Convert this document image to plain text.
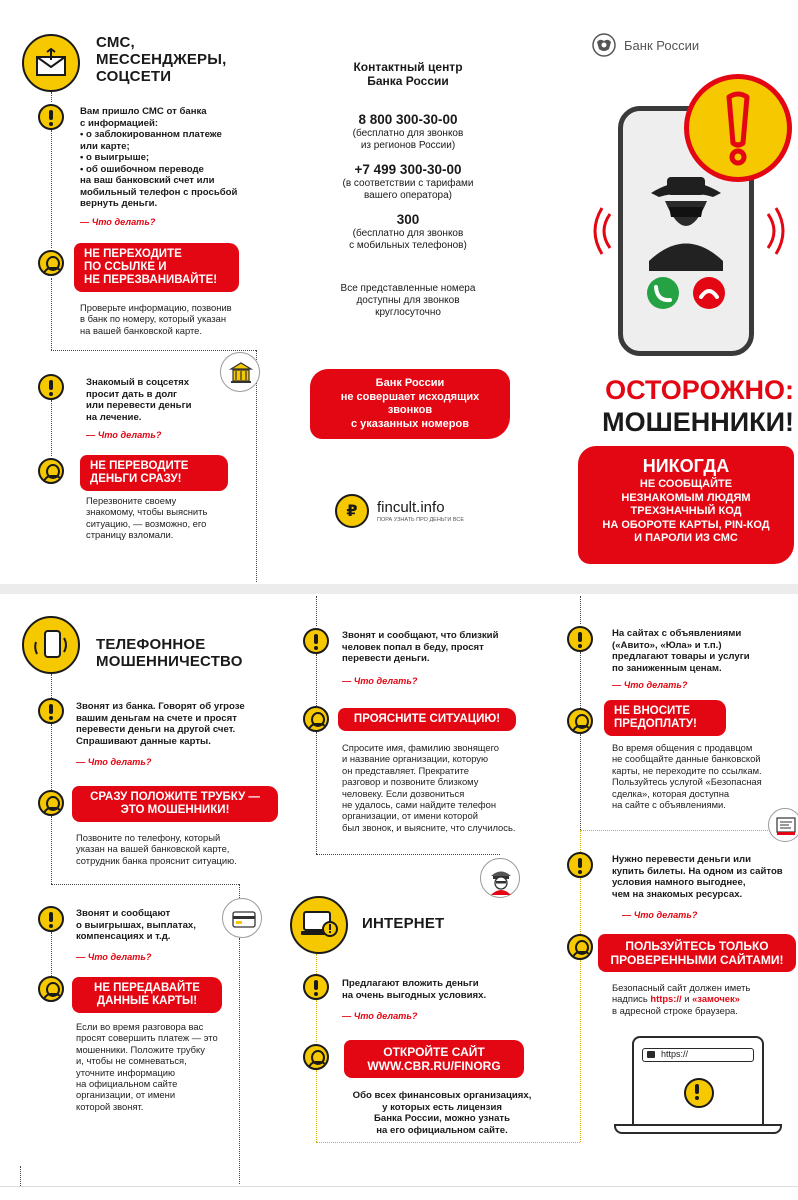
СМС,
МЕССЕНДЖЕРЫ,
СОЦСЕТИ
Вам пришло СМС от банка
с информацией:
• о заблокированном платеже
или карте;
• о выигрыше;
• об ошибочном переводе
на ваш банковский счет или
мобильный телефон с просьбой
вернуть деньги.
— Что делать?
НЕ ПЕРЕХОДИТЕ
ПО ССЫЛКЕ И
НЕ ПЕРЕЗВАНИВАЙТЕ!
Проверьте информацию, позвонив
в банк по номеру, который указан
на вашей банковской карте.
Знакомый в соцсетях
просит дать в долг
или перевести деньги
на лечение.
— Что делать?
НЕ ПЕРЕВОДИТЕ
ДЕНЬГИ СРАЗУ!
Перезвоните своему
знакомому, чтобы выяснить
ситуацию, — возможно, его
страницу взломали.
Контактный центр
Банка России
8 800 300-30-00
(бесплатно для звонков
из регионов России)
+7 499 300-30-00
(в соответствии с тарифами
вашего оператора)
300
(бесплатно для звонков
с мобильных телефонов)
Все представленные номера
доступны для звонков
круглосуточно
Банк России
не совершает исходящих
звонков
с указанных номеров
₽	fincult.info
ПОРА УЗНАТЬ ПРО ДЕНЬГИ ВСЕ
Банк России
ОСТОРОЖНО:
МОШЕННИКИ!
НИКОГДА
НЕ СООБЩАЙТЕ
НЕЗНАКОМЫМ ЛЮДЯМ
ТРЕХЗНАЧНЫЙ КОД
НА ОБОРОТЕ КАРТЫ, PIN-КОД
И ПАРОЛИ ИЗ СМС
ТЕЛЕФОННОЕ
МОШЕННИЧЕСТВО
Звонят из банка. Говорят об угрозе
вашим деньгам на счете и просят
перевести деньги на другой счет.
Спрашивают данные карты.
— Что делать?
СРАЗУ ПОЛОЖИТЕ ТРУБКУ —
ЭТО МОШЕННИКИ!
Позвоните по телефону, который
указан на вашей банковской карте,
сотрудник банка прояснит ситуацию.
Звонят и сообщают
о выигрышах, выплатах,
компенсациях и т.д.
— Что делать?
НЕ ПЕРЕДАВАЙТЕ
ДАННЫЕ КАРТЫ!
Если во время разговора вас
просят совершить платеж — это
мошенники. Положите трубку
и, чтобы не сомневаться,
уточните информацию
на официальном сайте
организации, от имени
которой звонят.
Звонят и сообщают, что близкий
человек попал в беду, просят
перевести деньги.
— Что делать?
ПРОЯСНИТЕ СИТУАЦИЮ!
Спросите имя, фамилию звонящего
и название организации, которую
он представляет. Прекратите
разговор и позвоните близкому
человеку. Если дозвониться
не удалось, сами найдите телефон
организации, от имени которой
был звонок, и выясните, что случилось.
ИНТЕРНЕТ
Предлагают вложить деньги
на очень выгодных условиях.
— Что делать?
ОТКРОЙТЕ САЙТ
WWW.CBR.RU/FINORG
Обо всех финансовых организациях,
у которых есть лицензия
Банка России, можно узнать
на его официальном сайте.
На сайтах с объявлениями
(«Авито», «Юла» и т.п.)
предлагают товары и услуги
по заниженным ценам.
— Что делать?
НЕ ВНОСИТЕ
ПРЕДОПЛАТУ!
Во время общения с продавцом
не сообщайте данные банковской
карты, не переходите по ссылкам.
Пользуйтесь услугой «Безопасная
сделка», которая доступна
на сайте с объявлениями.
Нужно перевести деньги или
купить билеты. На одном из сайтов
условия намного выгоднее,
чем на знакомых ресурсах.
— Что делать?
ПОЛЬЗУЙТЕСЬ ТОЛЬКО
ПРОВЕРЕННЫМИ САЙТАМИ!
Безопасный сайт должен иметь
надпись https:// и «замочек»
в адресной строке браузера.
https://
